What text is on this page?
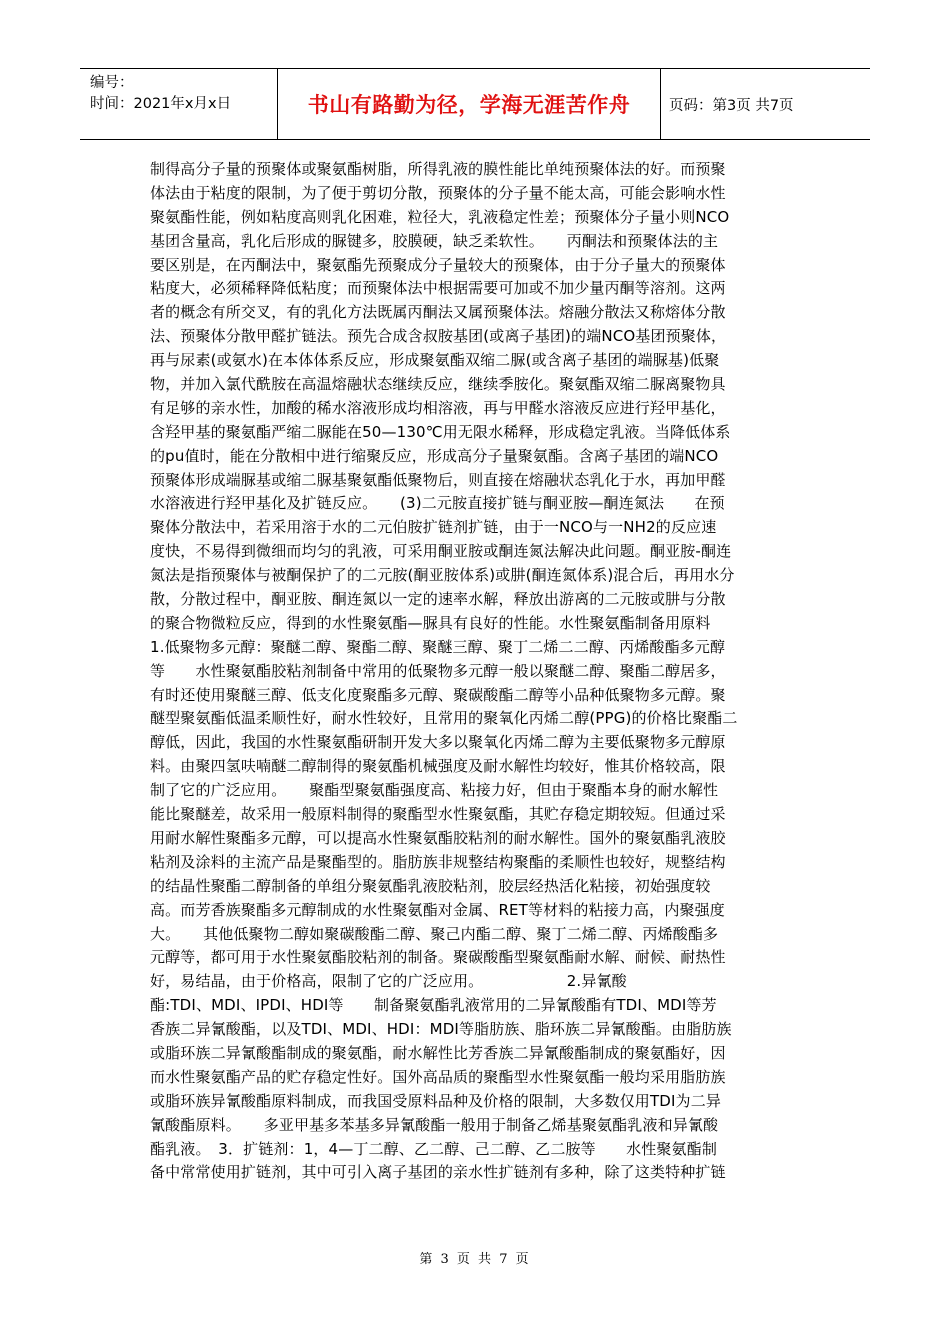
编号：
时间：2021年x月x日	书山有路勤为径，学海无涯苦作舟	页码：第3页 共7页
制得高分子量的预聚体或聚氨酯树脂，所得乳液的膜性能比单纯预聚体法的好。而预聚
体法由于粘度的限制，为了便于剪切分散，预聚体的分子量不能太高，可能会影响水性
聚氨酯性能，例如粘度高则乳化困难，粒径大，乳液稳定性差；预聚体分子量小则NCO
基团含量高，乳化后形成的脲键多，胶膜硬，缺乏柔软性。　　丙酮法和预聚体法的主
要区别是，在丙酮法中，聚氨酯先预聚成分子量较大的预聚体，由于分子量大的预聚体
粘度大，必须稀释降低粘度；而预聚体法中根据需要可加或不加少量丙酮等溶剂。这两
者的概念有所交叉，有的乳化方法既属丙酮法又属预聚体法。熔融分散法又称熔体分散
法、预聚体分散甲醛扩链法。预先合成含叔胺基团(或离子基团)的端NCO基团预聚体，
再与尿素(或氨水)在本体体系反应，形成聚氨酯双缩二脲(或含离子基团的端脲基)低聚
物，并加入氯代酰胺在高温熔融状态继续反应，继续季胺化。聚氨酯双缩二脲离聚物具
有足够的亲水性，加酸的稀水溶液形成均相溶液，再与甲醛水溶液反应进行羟甲基化，
含羟甲基的聚氨酯严缩二脲能在50—130℃用无限水稀释，形成稳定乳液。当降低体系
的pu值时，能在分散相中进行缩聚反应，形成高分子量聚氨酯。含离子基团的端NCO
预聚体形成端脲基或缩二脲基聚氨酯低聚物后，则直接在熔融状态乳化于水，再加甲醛
水溶液进行羟甲基化及扩链反应。　　(3)二元胺直接扩链与酮亚胺—酮连氮法　　在预
聚体分散法中，若采用溶于水的二元伯胺扩链剂扩链，由于一NCO与一NH2的反应速
度快，不易得到微细而均匀的乳液，可采用酮亚胺或酮连氮法解决此问题。酮亚胺-酮连
氮法是指预聚体与被酮保护了的二元胺(酮亚胺体系)或肼(酮连氮体系)混合后，再用水分
散，分散过程中，酮亚胺、酮连氮以一定的速率水解，释放出游离的二元胺或肼与分散
的聚合物微粒反应，得到的水性聚氨酯—脲具有良好的性能。水性聚氨酯制备用原料
1.低聚物多元醇：聚醚二醇、聚酯二醇、聚醚三醇、聚丁二烯二二醇、丙烯酸酯多元醇
等　　水性聚氨酯胶粘剂制备中常用的低聚物多元醇一般以聚醚二醇、聚酯二醇居多，
有时还使用聚醚三醇、低支化度聚酯多元醇、聚碳酸酯二醇等小品种低聚物多元醇。聚
醚型聚氨酯低温柔顺性好，耐水性较好，且常用的聚氧化丙烯二醇(PPG)的价格比聚酯二
醇低，因此，我国的水性聚氨酯研制开发大多以聚氧化丙烯二醇为主要低聚物多元醇原
料。由聚四氢呋喃醚二醇制得的聚氨酯机械强度及耐水解性均较好，惟其价格较高，限
制了它的广泛应用。　　聚酯型聚氨酯强度高、粘接力好，但由于聚酯本身的耐水解性
能比聚醚差，故采用一般原料制得的聚酯型水性聚氨酯，其贮存稳定期较短。但通过采
用耐水解性聚酯多元醇，可以提高水性聚氨酯胶粘剂的耐水解性。国外的聚氨酯乳液胶
粘剂及涂料的主流产品是聚酯型的。脂肪族非规整结构聚酯的柔顺性也较好，规整结构
的结晶性聚酯二醇制备的单组分聚氨酯乳液胶粘剂，胶层经热活化粘接，初始强度较
高。而芳香族聚酯多元醇制成的水性聚氨酯对金属、RET等材料的粘接力高，内聚强度
大。　　其他低聚物二醇如聚碳酸酯二醇、聚己内酯二醇、聚丁二烯二醇、丙烯酸酯多
元醇等，都可用于水性聚氨酯胶粘剂的制备。聚碳酸酯型聚氨酯耐水解、耐候、耐热性
好，易结晶，由于价格高，限制了它的广泛应用。　　　　　　2.异氰酸
酯:TDI、MDI、IPDI、HDI等　　制备聚氨酯乳液常用的二异氰酸酯有TDI、MDI等芳
香族二异氰酸酯，以及TDI、MDI、HDI：MDI等脂肪族、脂环族二异氰酸酯。由脂肪族
或脂环族二异氰酸酯制成的聚氨酯，耐水解性比芳香族二异氰酸酯制成的聚氨酯好，因
而水性聚氨酯产品的贮存稳定性好。国外高品质的聚酯型水性聚氨酯一般均采用脂肪族
或脂环族异氰酸酯原料制成，而我国受原料品种及价格的限制，大多数仅用TDI为二异
氰酸酯原料。　　多亚甲基多苯基多异氰酸酯一般用于制备乙烯基聚氨酯乳液和异氰酸
酯乳液。　3．扩链剂：1，4—丁二醇、乙二醇、己二醇、乙二胺等　　水性聚氨酯制
备中常常使用扩链剂，其中可引入离子基团的亲水性扩链剂有多种，除了这类特种扩链
第 3 页 共 7 页
